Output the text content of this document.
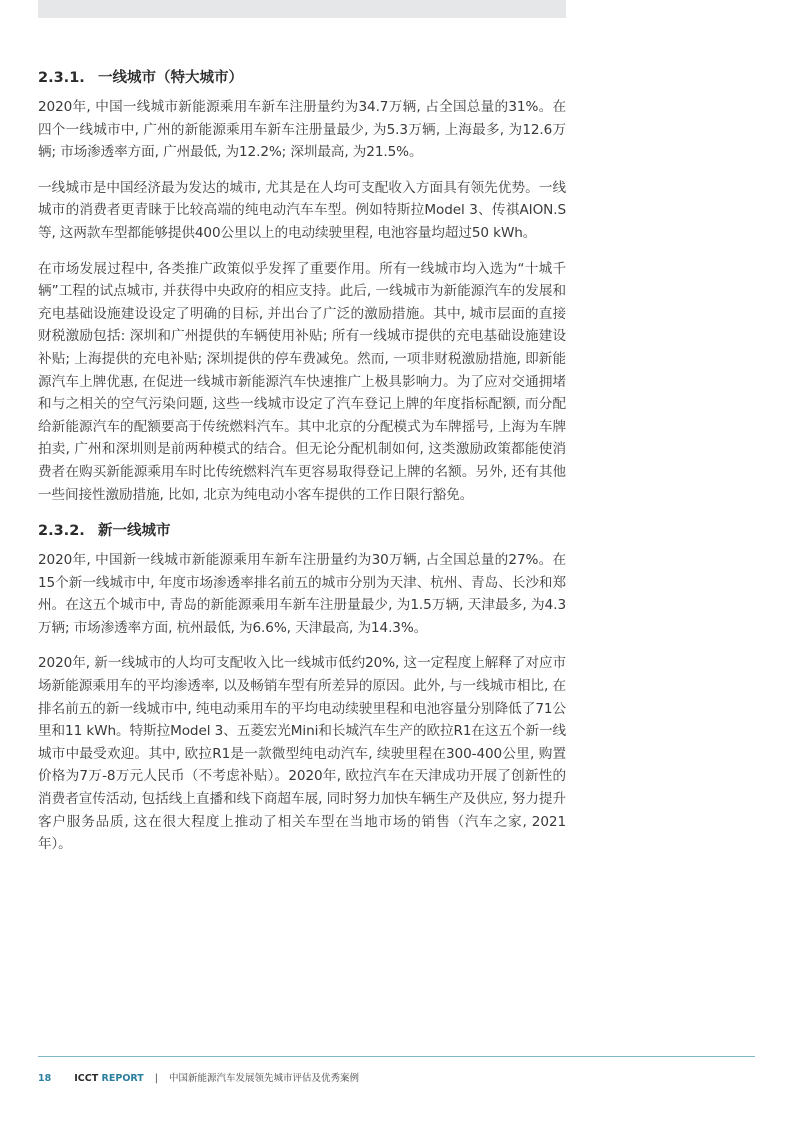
2.3.1. 一线城市（特大城市）

2020年, 中国一线城市新能源乘用车新车注册量约为34.7万辆, 占全国总量的31%。在四个一线城市中, 广州的新能源乘用车新车注册量最少, 为5.3万辆, 上海最多, 为12.6万辆; 市场渗透率方面, 广州最低, 为12.2%; 深圳最高, 为21.5%。

一线城市是中国经济最为发达的城市, 尤其是在人均可支配收入方面具有领先优势。一线城市的消费者更青睐于比较高端的纯电动汽车车型。例如特斯拉Model 3、传祺AION.S等, 这两款车型都能够提供400公里以上的电动续驶里程, 电池容量均超过50 kWh。

在市场发展过程中, 各类推广政策似乎发挥了重要作用。所有一线城市均入选为“十城千辆”工程的试点城市, 并获得中央政府的相应支持。此后, 一线城市为新能源汽车的发展和充电基础设施建设设定了明确的目标, 并出台了广泛的激励措施。其中, 城市层面的直接财税激励包括: 深圳和广州提供的车辆使用补贴; 所有一线城市提供的充电基础设施建设补贴; 上海提供的充电补贴; 深圳提供的停车费减免。然而, 一项非财税激励措施, 即新能源汽车上牌优惠, 在促进一线城市新能源汽车快速推广上极具影响力。为了应对交通拥堵和与之相关的空气污染问题, 这些一线城市设定了汽车登记上牌的年度指标配额, 而分配给新能源汽车的配额要高于传统燃料汽车。其中北京的分配模式为车牌摇号, 上海为车牌拍卖, 广州和深圳则是前两种模式的结合。但无论分配机制如何, 这类激励政策都能使消费者在购买新能源乘用车时比传统燃料汽车更容易取得登记上牌的名额。另外, 还有其他一些间接性激励措施, 比如, 北京为纯电动小客车提供的工作日限行豁免。

2.3.2. 新一线城市

2020年, 中国新一线城市新能源乘用车新车注册量约为30万辆, 占全国总量的27%。在15个新一线城市中, 年度市场渗透率排名前五的城市分别为天津、杭州、青岛、长沙和郑州。在这五个城市中, 青岛的新能源乘用车新车注册量最少, 为1.5万辆, 天津最多, 为4.3万辆; 市场渗透率方面, 杭州最低, 为6.6%, 天津最高, 为14.3%。

2020年, 新一线城市的人均可支配收入比一线城市低约20%, 这一定程度上解释了对应市场新能源乘用车的平均渗透率, 以及畅销车型有所差异的原因。此外, 与一线城市相比, 在排名前五的新一线城市中, 纯电动乘用车的平均电动续驶里程和电池容量分别降低了71公里和11 kWh。特斯拉Model 3、五菱宏光Mini和长城汽车生产的欧拉R1在这五个新一线城市中最受欢迎。其中, 欧拉R1是一款微型纯电动汽车, 续驶里程在300-400公里, 购置价格为7万-8万元人民币（不考虑补贴）。2020年, 欧拉汽车在天津成功开展了创新性的消费者宣传活动, 包括线上直播和线下商超车展, 同时努力加快车辆生产及供应, 努力提升客户服务品质, 这在很大程度上推动了相关车型在当地市场的销售（汽车之家, 2021年）。

18 ICCT REPORT | 中国新能源汽车发展领先城市评估及优秀案例
